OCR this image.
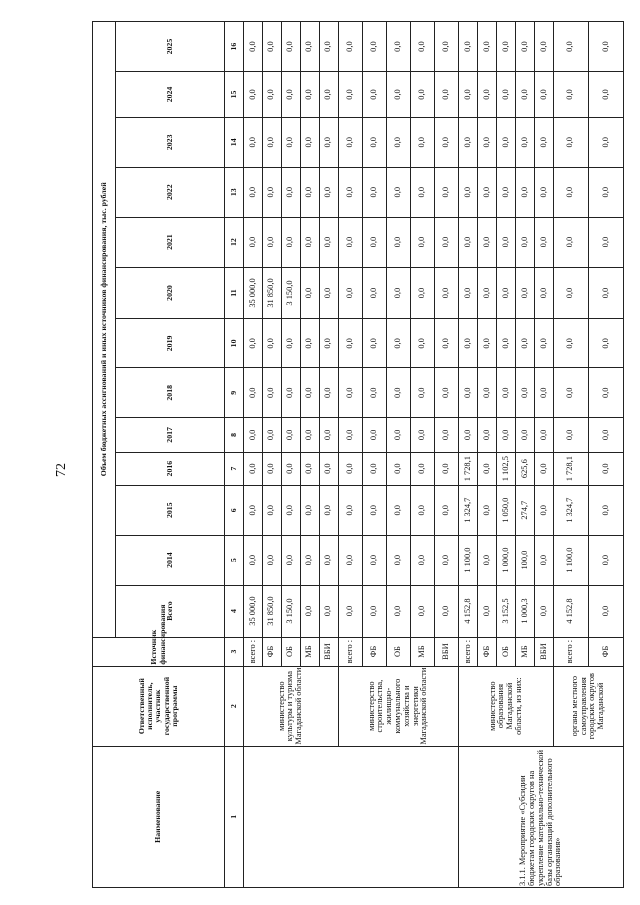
72
Наименование	Ответственный исполнитель, участник государственной программы	Источник финансирования	Объем бюджетных ассигнований и иных источников финансирования, тыс. рублей												
			Всего	2014	2015	2016	2017	2018	2019	2020	2021	2022	2023	2024	2025
1	2	3	4	5	6	7	8	9	10	11	12	13	14	15	16
	министерство культуры и туризма Магаданской области	всего :	35 000,0	0,0	0,0	0,0	0,0	0,0	0,0	35 000,0	0,0	0,0	0,0	0,0	0,0
		ФБ	31 850,0	0,0	0,0	0,0	0,0	0,0	0,0	31 850,0	0,0	0,0	0,0	0,0	0,0
		ОБ	3 150,0	0,0	0,0	0,0	0,0	0,0	0,0	3 150,0	0,0	0,0	0,0	0,0	0,0
		МБ	0,0	0,0	0,0	0,0	0,0	0,0	0,0	0,0	0,0	0,0	0,0	0,0	0,0
		ВБИ	0,0	0,0	0,0	0,0	0,0	0,0	0,0	0,0	0,0	0,0	0,0	0,0	0,0
	министерство строительства, жилищно-коммунального хозяйства и энергетики Магаданской области	всего :	0,0	0,0	0,0	0,0	0,0	0,0	0,0	0,0	0,0	0,0	0,0	0,0	0,0
		ФБ	0,0	0,0	0,0	0,0	0,0	0,0	0,0	0,0	0,0	0,0	0,0	0,0	0,0
		ОБ	0,0	0,0	0,0	0,0	0,0	0,0	0,0	0,0	0,0	0,0	0,0	0,0	0,0
		МБ	0,0	0,0	0,0	0,0	0,0	0,0	0,0	0,0	0,0	0,0	0,0	0,0	0,0
		ВБИ	0,0	0,0	0,0	0,0	0,0	0,0	0,0	0,0	0,0	0,0	0,0	0,0	0,0
3.1.1. Мероприятие «Субсидии бюджетам городских округов на укрепление материально-технической базы организаций дополнительного образования»	министерство образования Магаданской области, из них:	всего :	4 152,8	1 100,0	1 324,7	1 728,1	0,0	0,0	0,0	0,0	0,0	0,0	0,0	0,0	0,0
		ФБ	0,0	0,0	0,0	0,0	0,0	0,0	0,0	0,0	0,0	0,0	0,0	0,0	0,0
		ОБ	3 152,5	1 000,0	1 050,0	1 102,5	0,0	0,0	0,0	0,0	0,0	0,0	0,0	0,0	0,0
		МБ	1 000,3	100,0	274,7	625,6	0,0	0,0	0,0	0,0	0,0	0,0	0,0	0,0	0,0
		ВБИ	0,0	0,0	0,0	0,0	0,0	0,0	0,0	0,0	0,0	0,0	0,0	0,0	0,0
	органы местного самоуправления городских округов Магаданской	всего :	4 152,8	1 100,0	1 324,7	1 728,1	0,0	0,0	0,0	0,0	0,0	0,0	0,0	0,0	0,0
		ФБ	0,0	0,0	0,0	0,0	0,0	0,0	0,0	0,0	0,0	0,0	0,0	0,0	0,0
